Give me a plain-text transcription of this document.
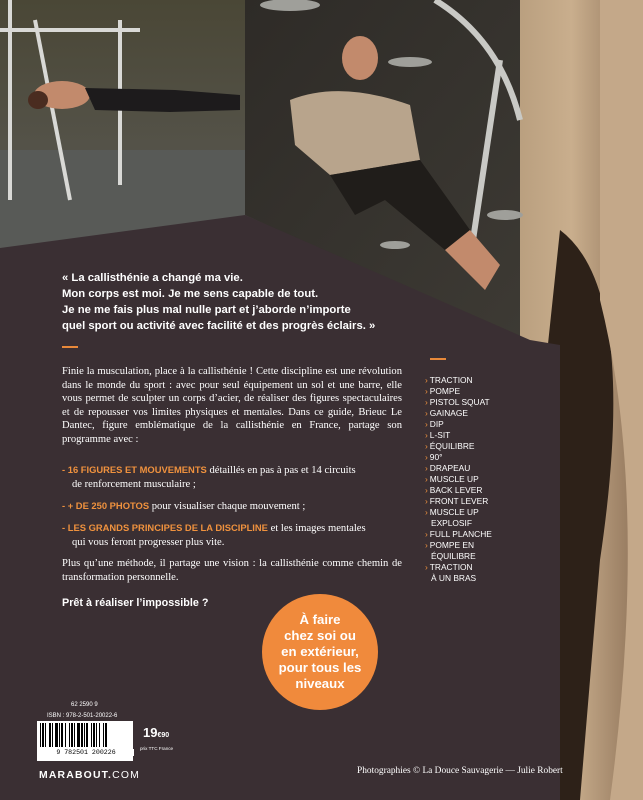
« La callisthénie a changé ma vie.
Mon corps est moi. Je me sens capable de tout.
Je ne me fais plus mal nulle part et j’aborde n’importe
quel sport ou activité avec facilité et des progrès éclairs. »

Finie la musculation, place à la callisthénie ! Cette discipline est une révolution dans le monde du sport : avec pour seul équipement un sol et une barre, elle vous permet de sculpter un corps d’acier, de réaliser des figures spectaculaires et de repousser vos limites physiques et mentales. Dans ce guide, Brieuc Le Dantec, figure emblématique de la callisthénie en France, partage son programme avec :

- 16 FIGURES ET MOUVEMENTS détaillés en pas à pas et 14 circuits
de renforcement musculaire ;
- + DE 250 PHOTOS pour visualiser chaque mouvement ;
- LES GRANDS PRINCIPES DE LA DISCIPLINE et les images mentales
qui vous feront progresser plus vite.

Plus qu’une méthode, il partage une vision : la callisthénie comme chemin de transformation personnelle.

Prêt à réaliser l’impossible ?
› TRACTION
› POMPE
› PISTOL SQUAT
› GAINAGE
› DIP
› L-SIT
› ÉQUILIBRE
› 90°
› DRAPEAU
› MUSCLE UP
› BACK LEVER
› FRONT LEVER
› MUSCLE UP
EXPLOSIF
› FULL PLANCHE
› POMPE EN
ÉQUILIBRE
› TRACTION
À UN BRAS
À faire
chez soi ou
en extérieur,
pour tous les
niveaux
62 2590 9
ISBN : 978-2-501-20022-6
9 782501 200226
19€90
prix TTC France
MARABOUT.COM	Photographies © La Douce Sauvagerie — Julie Robert
